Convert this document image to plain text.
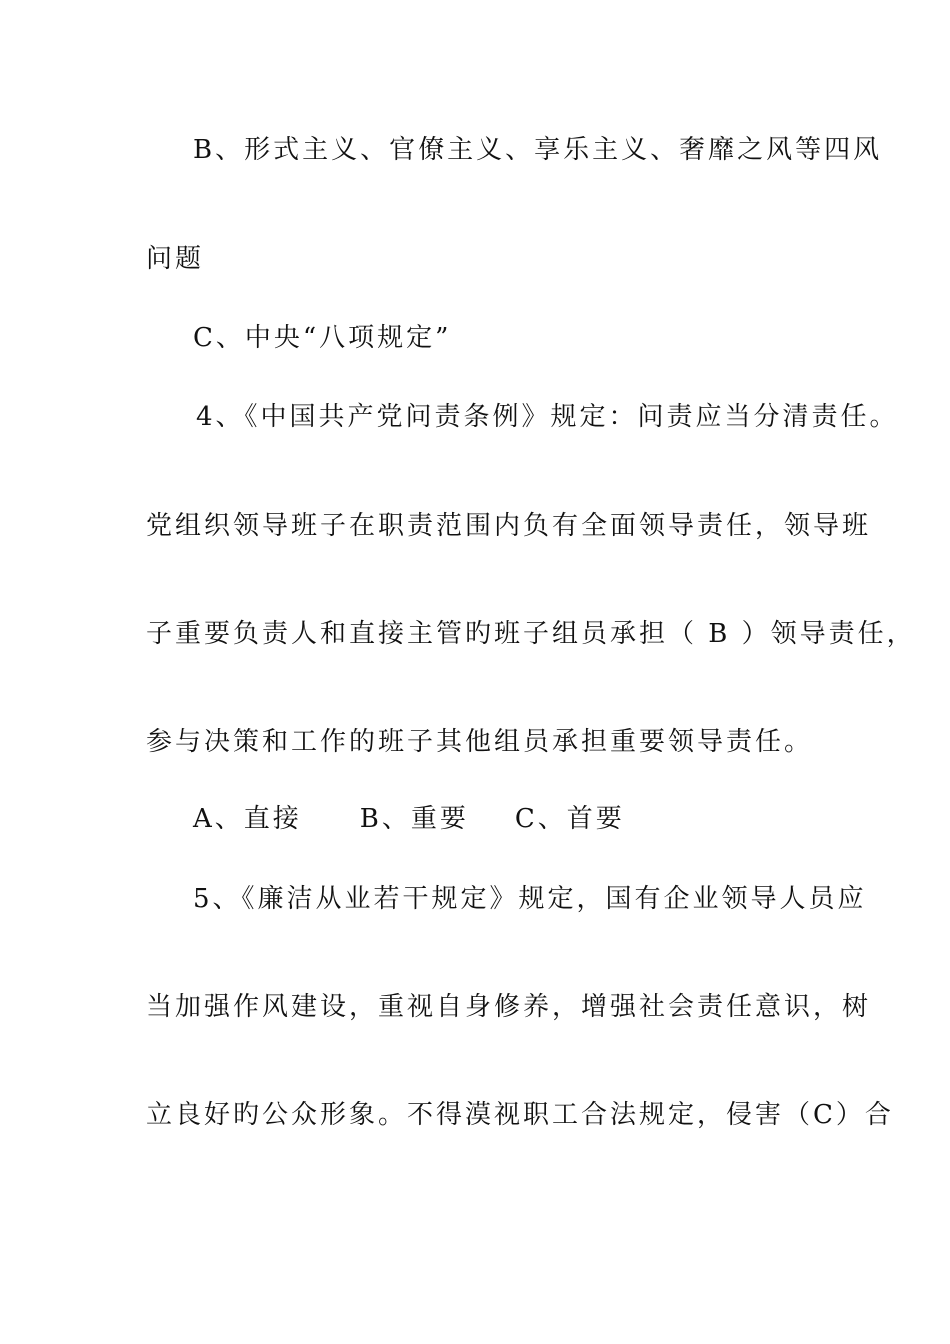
B、形式主义、官僚主义、享乐主义、奢靡之风等四风
问题
C、中央“八项规定”
4、《中国共产党问责条例》规定：问责应当分清责任。
党组织领导班子在职责范围内负有全面领导责任，领导班
子重要负责人和直接主管旳班子组员承担（ B ）领导责任，
参与决策和工作的班子其他组员承担重要领导责任。
A、直接 B、重要 C、首要
5、《廉洁从业若干规定》规定，国有企业领导人员应
当加强作风建设，重视自身修养，增强社会责任意识，树
立良好旳公众形象。不得漠视职工合法规定，侵害（C）合
